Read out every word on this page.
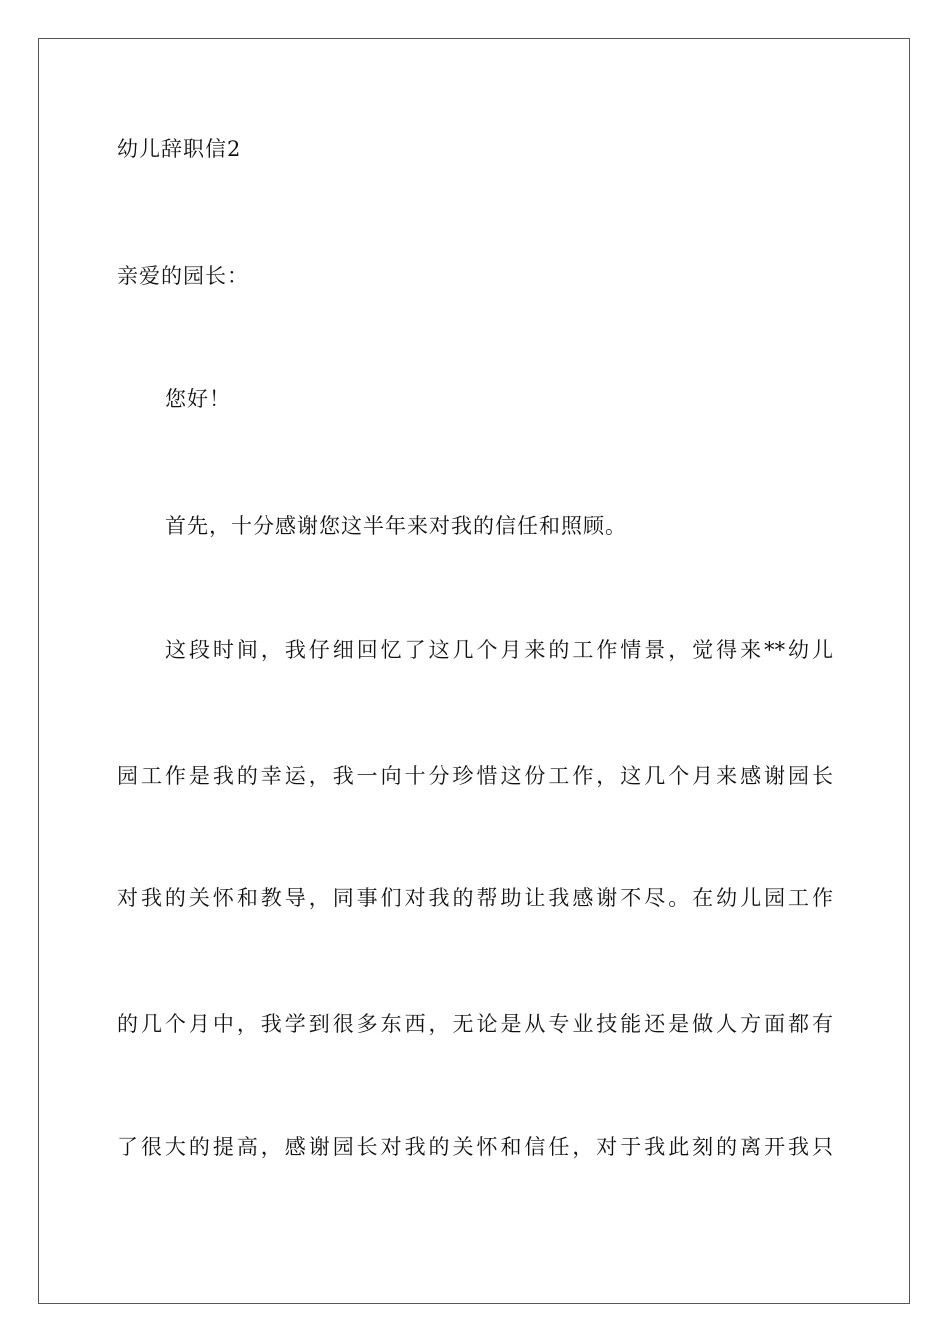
幼儿辞职信2
亲爱的园长：
您好！
首先，十分感谢您这半年来对我的信任和照顾。
这段时间，我仔细回忆了这几个月来的工作情景，觉得来**幼儿
园工作是我的幸运，我一向十分珍惜这份工作，这几个月来感谢园长
对我的关怀和教导，同事们对我的帮助让我感谢不尽。在幼儿园工作
的几个月中，我学到很多东西，无论是从专业技能还是做人方面都有
了很大的提高，感谢园长对我的关怀和信任，对于我此刻的离开我只
